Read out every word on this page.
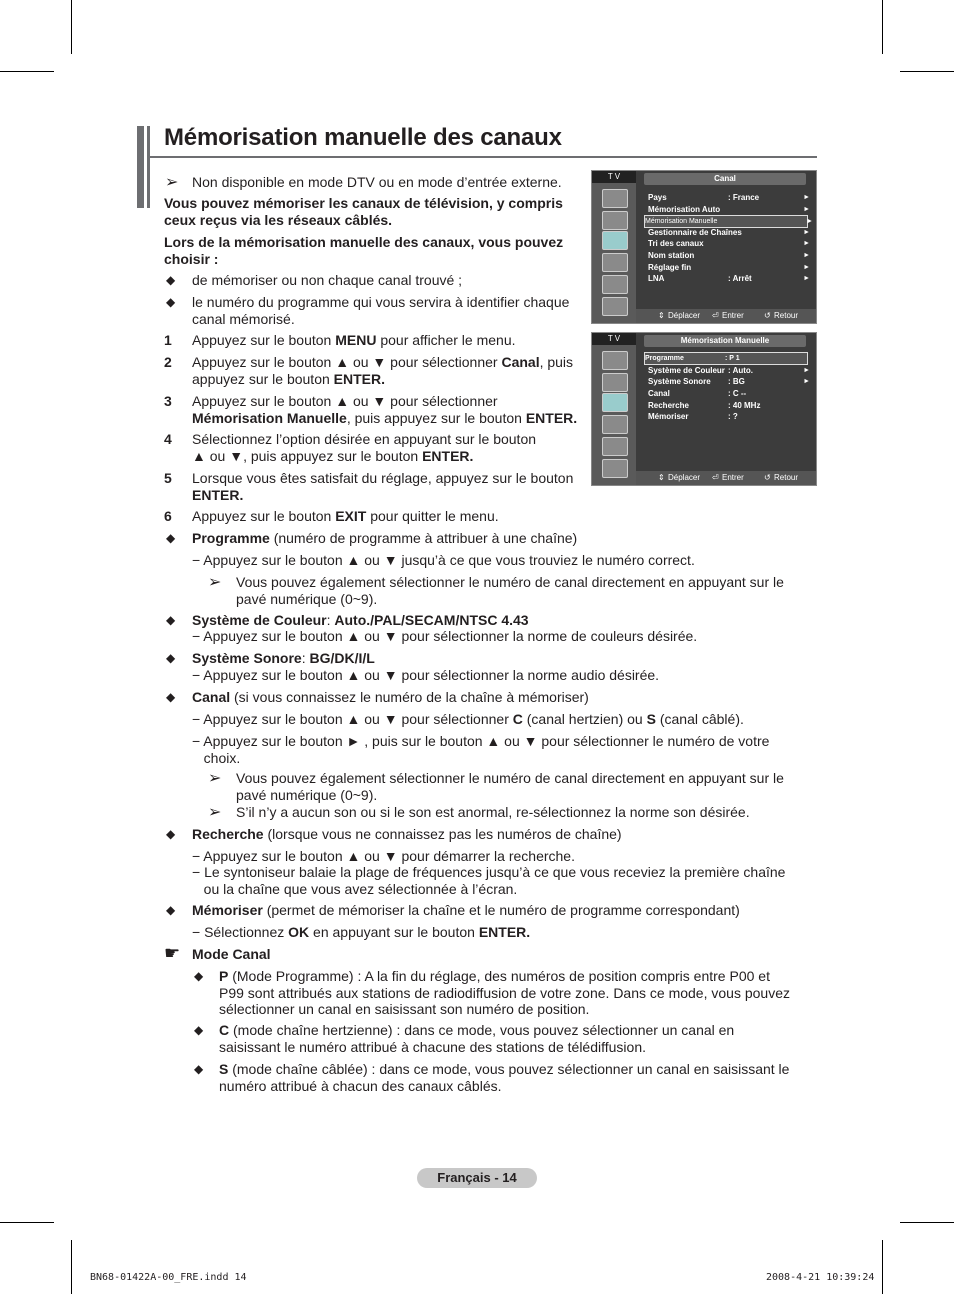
Mémorisation manuelle des canaux
➢ Non disponible en mode DTV ou en mode d’entrée externe.
Vous pouvez mémoriser les canaux de télévision, y compris ceux reçus via les réseaux câblés.
Lors de la mémorisation manuelle des canaux, vous pouvez choisir :
◆ de mémoriser ou non chaque canal trouvé ;
◆ le numéro du programme qui vous servira à identifier chaque canal mémorisé.
1 Appuyez sur le bouton MENU pour afficher le menu.
2 Appuyez sur le bouton ▲ ou ▼ pour sélectionner Canal, puis
appuyez sur le bouton ENTER.
3 Appuyez sur le bouton ▲ ou ▼ pour sélectionner
Mémorisation Manuelle, puis appuyez sur le bouton ENTER.
4 Sélectionnez l’option désirée en appuyant sur le bouton
▲ ou ▼, puis appuyez sur le bouton ENTER.
5 Lorsque vous êtes satisfait du réglage, appuyez sur le bouton
ENTER.
6 Appuyez sur le bouton EXIT pour quitter le menu.
◆ Programme (numéro de programme à attribuer à une chaîne)
− Appuyez sur le bouton ▲ ou ▼ jusqu’à ce que vous trouviez le numéro correct.
➢ Vous pouvez également sélectionner le numéro de canal directement en appuyant sur le
pavé numérique (0~9).
◆ Système de Couleur: Auto./PAL/SECAM/NTSC 4.43
− Appuyez sur le bouton ▲ ou ▼ pour sélectionner la norme de couleurs désirée.
◆ Système Sonore: BG/DK/I/L
− Appuyez sur le bouton ▲ ou ▼ pour sélectionner la norme audio désirée.
◆ Canal (si vous connaissez le numéro de la chaîne à mémoriser)
− Appuyez sur le bouton ▲ ou ▼ pour sélectionner C (canal hertzien) ou S (canal câblé).
− Appuyez sur le bouton ► , puis sur le bouton ▲ ou ▼ pour sélectionner le numéro de votre
choix.
➢ Vous pouvez également sélectionner le numéro de canal directement en appuyant sur le
pavé numérique (0~9).
➢ S’il n’y a aucun son ou si le son est anormal, re-sélectionnez la norme son désirée.
◆ Recherche (lorsque vous ne connaissez pas les numéros de chaîne)
− Appuyez sur le bouton ▲ ou ▼ pour démarrer la recherche.
− Le syntoniseur balaie la plage de fréquences jusqu’à ce que vous receviez la première chaîne
ou la chaîne que vous avez sélectionnée à l’écran.
◆ Mémoriser (permet de mémoriser la chaîne et le numéro de programme correspondant)
− Sélectionnez OK en appuyant sur le bouton ENTER.
☛ Mode Canal
◆ P (Mode Programme) : A la fin du réglage, des numéros de position compris entre P00 et
P99 sont attribués aux stations de radiodiffusion de votre zone. Dans ce mode, vous pouvez
sélectionner un canal en saisissant son numéro de position.
◆ C (mode chaîne hertzienne) : dans ce mode, vous pouvez sélectionner un canal en
saisissant le numéro attribué à chacune des stations de télédiffusion.
◆ S (mode chaîne câblée) : dans ce mode, vous pouvez sélectionner un canal en saisissant le
numéro attribué à chacun des canaux câblés.
T V	Canal
Pays	: France	►
Mémorisation Auto	►
Mémorisation Manuelle	►
Gestionnaire de Chaînes	►
Tri des canaux	►
Nom station	►
Réglage fin	►
LNA	: Arrêt	►
⇕ Déplacer ⏎ Entrer	↺ Retour
T V	Mémorisation Manuelle
Programme	: P 1
Système de Couleur : Auto.	►
Système Sonore : BG	►
Canal	: C --
Recherche	: 40 MHz
Mémoriser	: ?
⇕ Déplacer ⏎ Entrer	↺ Retour
Français - 14
BN68-01422A-00_FRE.indd 14	2008-4-21 10:39:24
